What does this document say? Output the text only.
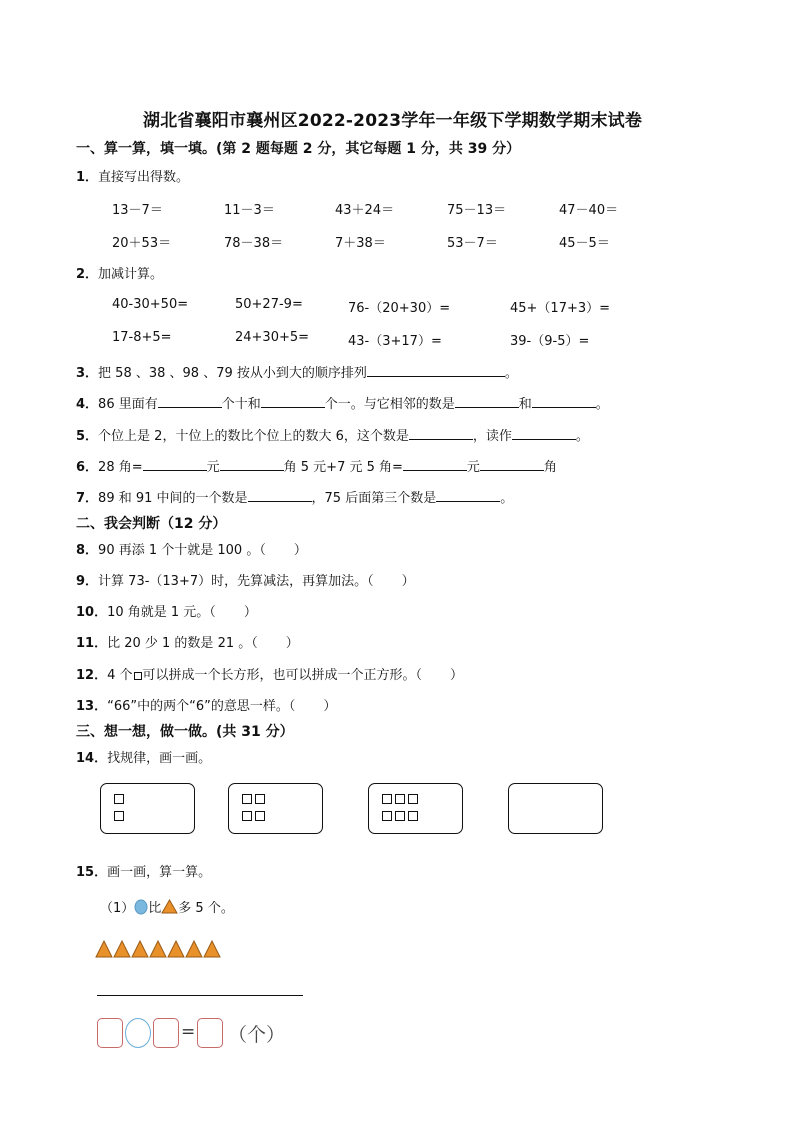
湖北省襄阳市襄州区2022-2023学年一年级下学期数学期末试卷
一、算一算，填一填。(第 2 题每题 2 分，其它每题 1 分，共 39 分）
1．直接写出得数。
13－7＝	11－3＝	43＋24＝	75－13＝	47－40＝
20＋53＝	78－38＝	7＋38＝	53－7＝	45－5＝
2．加减计算。
40-30+50=	50+27-9=	76-（20+30）=	45+（17+3）=
17-8+5=	24+30+5=	43-（3+17）=	39-（9-5）=
3．把 58 、38 、98 、79 按从小到大的顺序排列	。
4．86 里面有	个十和	个一。与它相邻的数是	和	。
5．个位上是 2，十位上的数比个位上的数大 6，这个数是	，读作	。
6．28 角=	元	角 5 元+7 元 5 角=	元	角
7．89 和 91 中间的一个数是	，75 后面第三个数是	。
二、我会判断（12 分）
8．90 再添 1 个十就是 100 。（ ）
9．计算 73-（13+7）时，先算减法，再算加法。（ ）
10．10 角就是 1 元。（ ）
11．比 20 少 1 的数是 21 。（ ）
12．4 个 可以拼成一个长方形，也可以拼成一个正方形。（ ）
13．“66”中的两个“6”的意思一样。（ ）
三、想一想，做一做。(共 31 分）
14．找规律，画一画。
15．画一画，算一算。
（1） 比 多 5 个。
= （个）
